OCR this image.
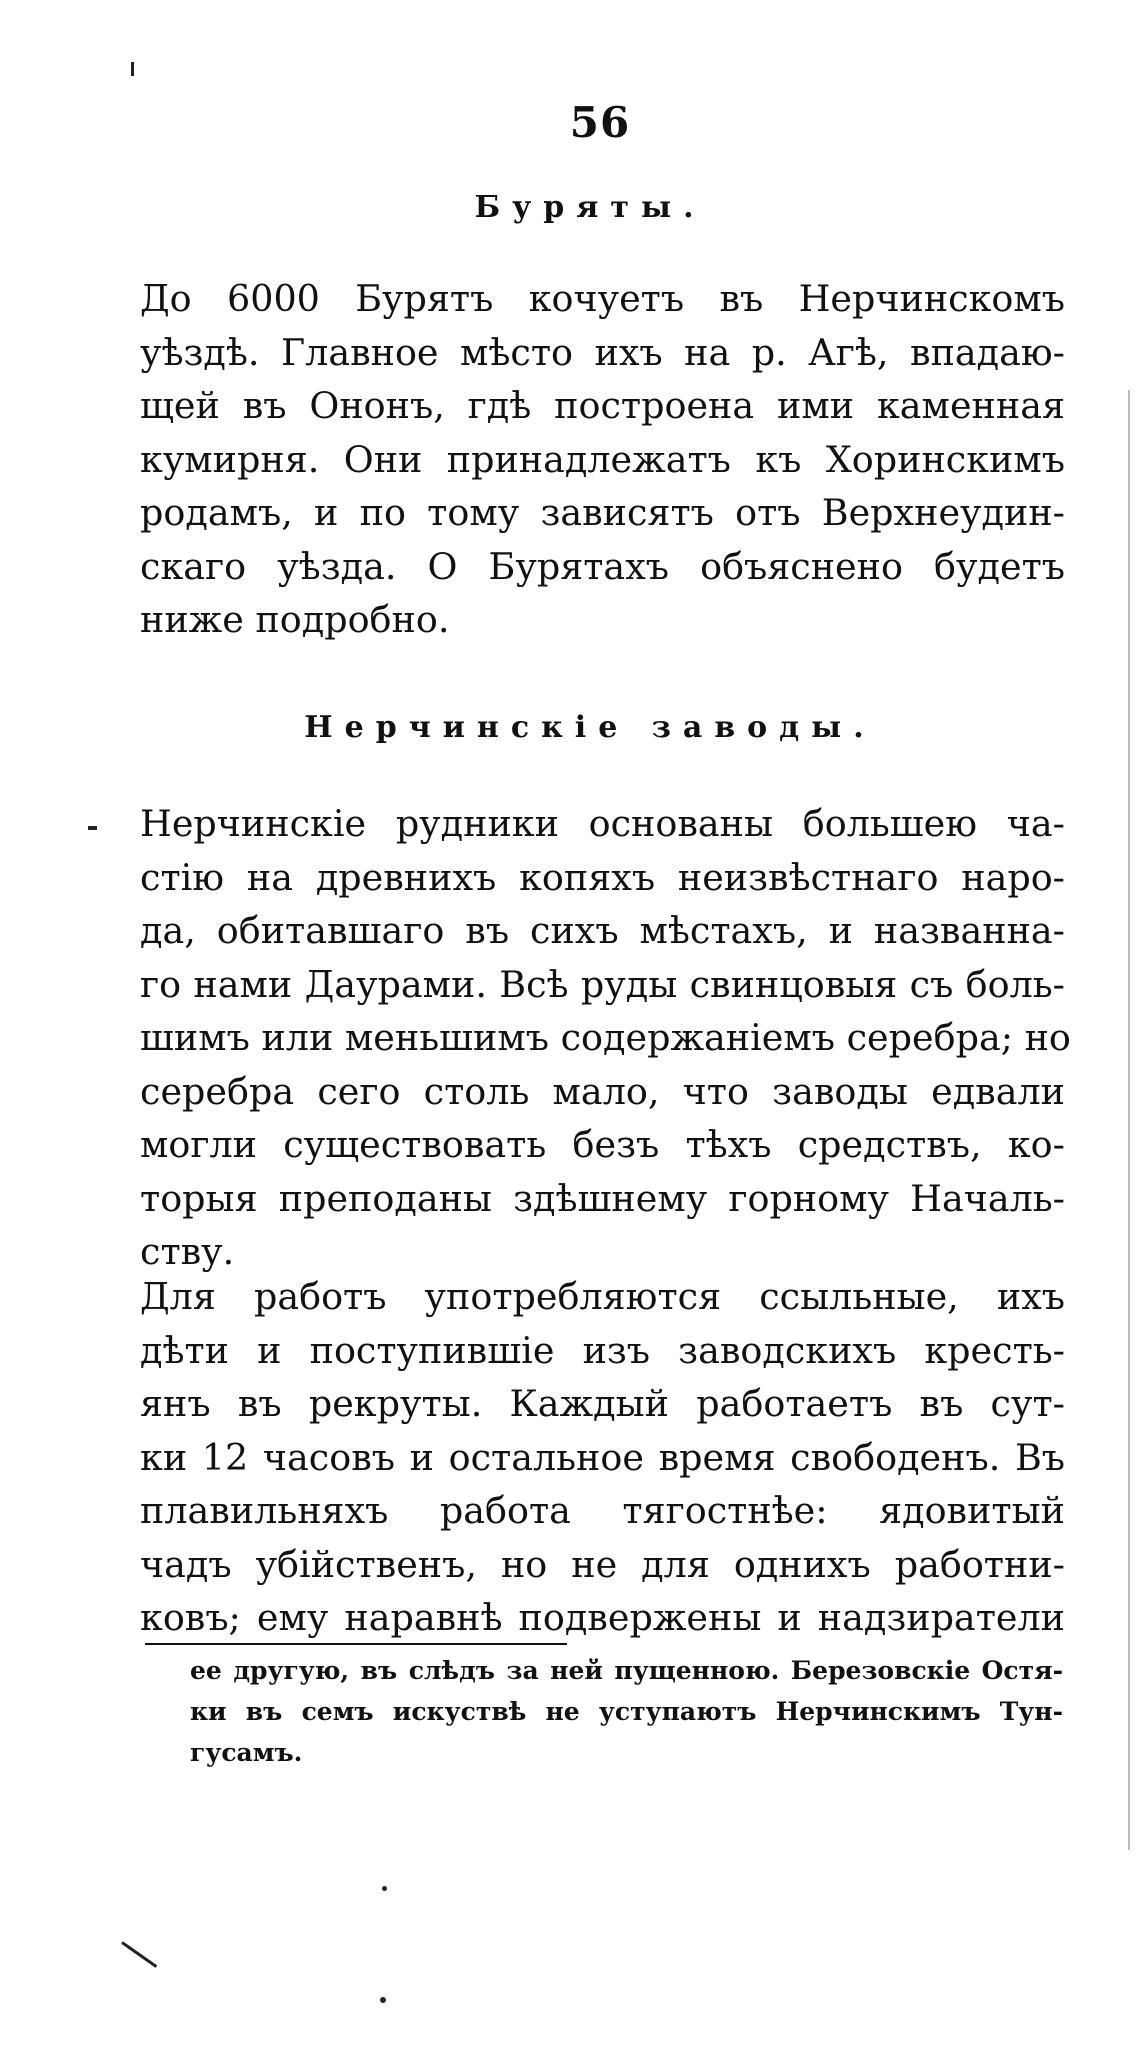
56
Буряты.

До 6000 Бурятъ кочуетъ въ Нерчинскомъ
уѣздѣ. Главное мѣсто ихъ на р. Агѣ, впадаю-
щей въ Ононъ, гдѣ построена ими каменная
кумирня. Они принадлежатъ къ Хоринскимъ
родамъ, и по тому зависятъ отъ Верхнеудин-
скаго уѣзда. О Бурятахъ объяснено будетъ
ниже подробно.

Нерчинскіе заводы.

Нерчинскіе рудники основаны большею ча-
стію на древнихъ копяхъ неизвѣстнаго наро-
да, обитавшаго въ сихъ мѣстахъ, и названна-
го нами Даурами. Всѣ руды свинцовыя съ боль-
шимъ или меньшимъ содержаніемъ серебра; но
серебра сего столь мало, что заводы едвали
могли существовать безъ тѣхъ средствъ, ко-
торыя преподаны здѣшнему горному Началь-
ству.

Для работъ употребляются ссыльные, ихъ
дѣти и поступившіе изъ заводскихъ кресть-
янъ въ рекруты. Каждый работаетъ въ сут-
ки 12 часовъ и остальное время свободенъ. Въ
плавильняхъ работа тягостнѣе: ядовитый
чадъ убійственъ, но не для однихъ работни-
ковъ; ему наравнѣ подвержены и надзиратели

ее другую, въ слѣдъ за ней пущенною. Березовскіе Остя-
ки въ семъ искуствѣ не уступаютъ Нерчинскимъ Тун-
гусамъ.
